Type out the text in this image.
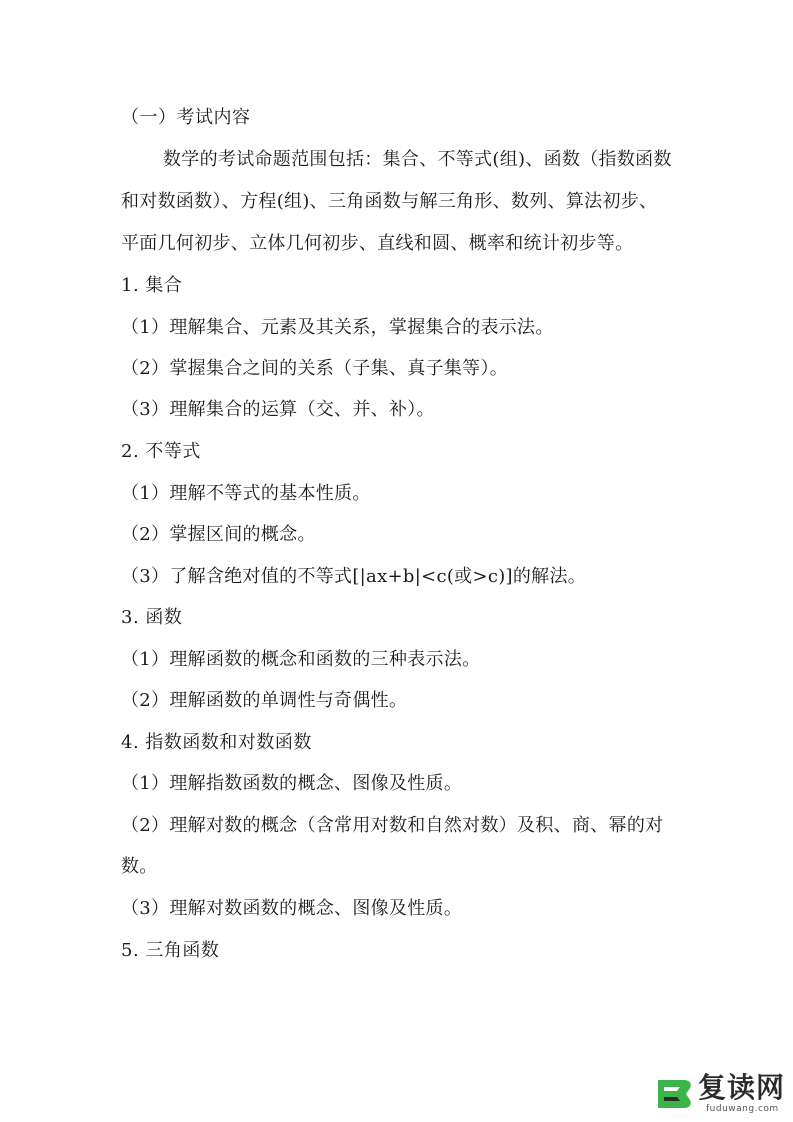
（一）考试内容
数学的考试命题范围包括：集合、不等式(组)、函数（指数函数
和对数函数）、方程(组)、三角函数与解三角形、数列、算法初步、
平面几何初步、立体几何初步、直线和圆、概率和统计初步等。
1. 集合
（1）理解集合、元素及其关系，掌握集合的表示法。
（2）掌握集合之间的关系（子集、真子集等）。
（3）理解集合的运算（交、并、补）。
2. 不等式
（1）理解不等式的基本性质。
（2）掌握区间的概念。
（3）了解含绝对值的不等式[|ax+b|<c(或>c)]的解法。
3. 函数
（1）理解函数的概念和函数的三种表示法。
（2）理解函数的单调性与奇偶性。
4. 指数函数和对数函数
（1）理解指数函数的概念、图像及性质。
（2）理解对数的概念（含常用对数和自然对数）及积、商、幂的对
数。
（3）理解对数函数的概念、图像及性质。
5. 三角函数
复读网
fuduwang.com
